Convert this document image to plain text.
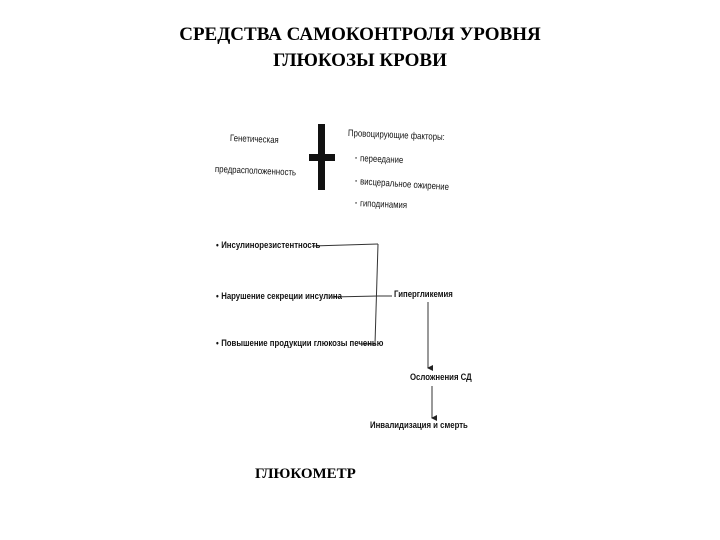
СРЕДСТВА САМОКОНТРОЛЯ УРОВНЯ
ГЛЮКОЗЫ КРОВИ
Генетическая
предрасположенность
Провоцирующие факторы:
· переедание
· висцеральное ожирение
· гиподинамия
• Инсулинорезистентность
• Нарушение секреции инсулина
• Повышение продукции глюкозы печенью
Гипергликемия
Осложнения СД
Инвалидизация и смерть
ГЛЮКОМЕТР
